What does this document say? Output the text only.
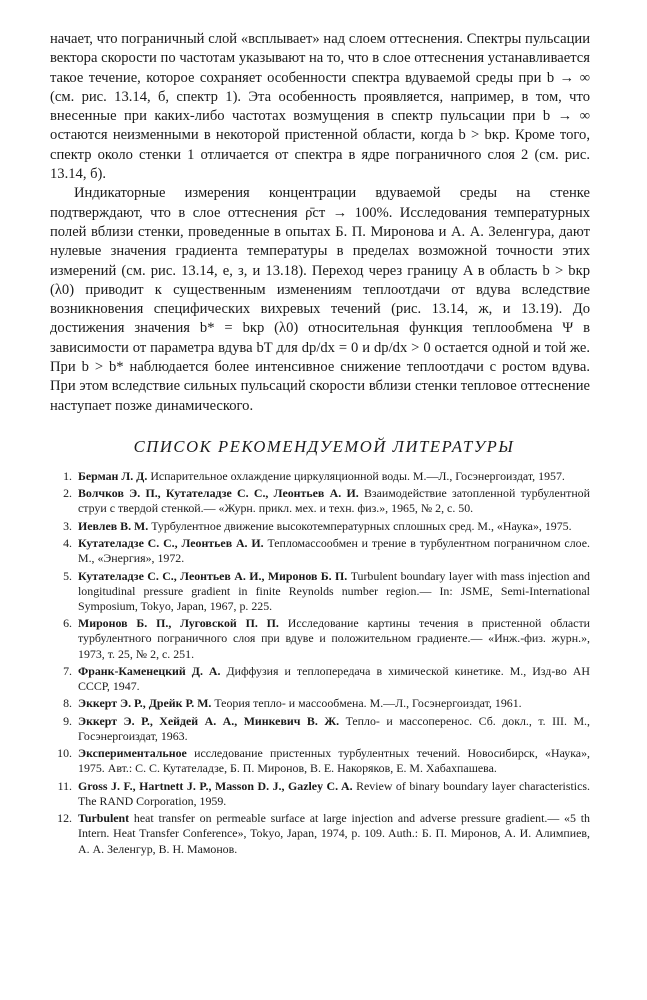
начает, что пограничный слой «всплывает» над слоем оттеснения. Спектры пульсации вектора скорости по частотам указывают на то, что в слое оттеснения устанавливается такое течение, которое сохраняет особенности спектра вдуваемой среды при b → ∞ (см. рис. 13.14, б, спектр 1). Эта особенность проявляется, например, в том, что внесенные при каких-либо частотах возмущения в спектр пульсации при b → ∞ остаются неизменными в некоторой пристенной области, когда b > bкр. Кроме того, спектр около стенки 1 отличается от спектра в ядре пограничного слоя 2 (см. рис. 13.14, б).

Индикаторные измерения концентрации вдуваемой среды на стенке подтверждают, что в слое оттеснения ρ̄ст → 100%. Исследования температурных полей вблизи стенки, проведенные в опытах Б. П. Миронова и А. А. Зеленгура, дают нулевые значения градиента температуры в пределах возможной точности этих измерений (см. рис. 13.14, е, з, и 13.18). Переход через границу A в область b > bкр (λ0) приводит к существенным изменениям теплоотдачи от вдува вследствие возникновения специфических вихревых течений (рис. 13.14, ж, и 13.19). До достижения значения b* = bкр (λ0) относительная функция теплообмена Ψ в зависимости от параметра вдува bT для dp/dx = 0 и dp/dx > 0 остается одной и той же. При b > b* наблюдается более интенсивное снижение теплоотдачи с ростом вдува. При этом вследствие сильных пульсаций скорости вблизи стенки тепловое оттеснение наступает позже динамического.

СПИСОК РЕКОМЕНДУЕМОЙ ЛИТЕРАТУРЫ
1. Берман Л. Д. Испарительное охлаждение циркуляционной воды. М.—Л., Госэнергоиздат, 1957.
2. Волчков Э. П., Кутателадзе С. С., Леонтьев А. И. Взаимодействие затопленной турбулентной струи с твердой стенкой.— «Журн. прикл. мех. и техн. физ.», 1965, № 2, с. 50.
3. Иевлев В. М. Турбулентное движение высокотемпературных сплошных сред. М., «Наука», 1975.
4. Кутателадзе С. С., Леонтьев А. И. Тепломассообмен и трение в турбулентном пограничном слое. М., «Энергия», 1972.
5. Кутателадзе С. С., Леонтьев А. И., Миронов Б. П. Turbulent boundary layer with mass injection and longitudinal pressure gradient in finite Reynolds number region.— In: JSME, Semi-International Symposium, Tokyo, Japan, 1967, p. 225.
6. Миронов Б. П., Луговской П. П. Исследование картины течения в пристенной области турбулентного пограничного слоя при вдуве и положительном градиенте.— «Инж.-физ. журн.», 1973, т. 25, № 2, с. 251.
7. Франк-Каменецкий Д. А. Диффузия и теплопередача в химической кинетике. М., Изд-во АН СССР, 1947.
8. Эккерт Э. Р., Дрейк Р. М. Теория тепло- и массообмена. М.—Л., Госэнергоиздат, 1961.
9. Эккерт Э. Р., Хейдей А. А., Минкевич В. Ж. Тепло- и массоперенос. Сб. докл., т. III. М., Госэнергоиздат, 1963.
10. Экспериментальное исследование пристенных турбулентных течений. Новосибирск, «Наука», 1975. Авт.: С. С. Кутателадзе, Б. П. Миронов, В. Е. Накоряков, Е. М. Хабахпашева.
11. Gross J. F., Hartnett J. P., Masson D. J., Gazley C. A. Review of binary boundary layer characteristics. The RAND Corporation, 1959.
12. Turbulent heat transfer on permeable surface at large injection and adverse pressure gradient.— «5 th Intern. Heat Transfer Conference», Tokyo, Japan, 1974, p. 109. Auth.: Б. П. Миронов, А. И. Алимпиев, А. А. Зеленгур, В. Н. Мамонов.
